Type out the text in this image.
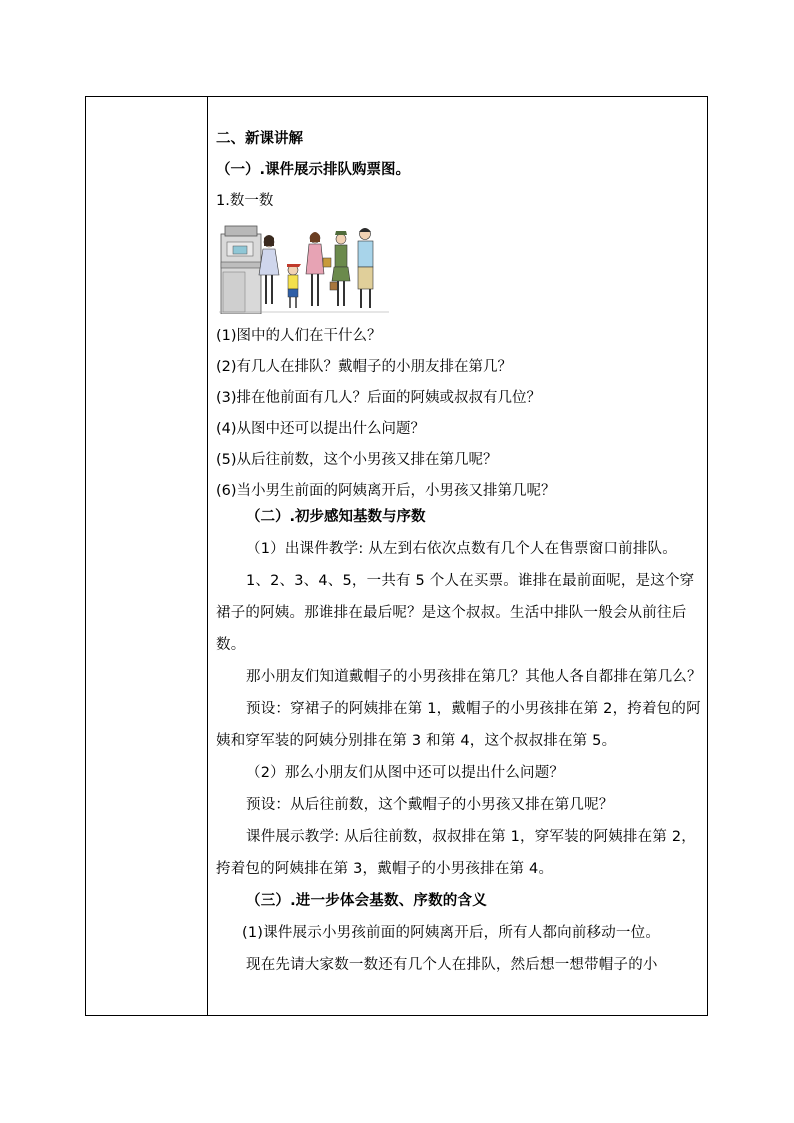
二、新课讲解
（一）.课件展示排队购票图。
1.数一数
(1)图中的人们在干什么？
(2)有几人在排队？戴帽子的小朋友排在第几？
(3)排在他前面有几人？后面的阿姨或叔叔有几位？
(4)从图中还可以提出什么问题？
(5)从后往前数，这个小男孩又排在第几呢？
(6)当小男生前面的阿姨离开后，小男孩又排第几呢？
（二）.初步感知基数与序数

（1）出课件教学: 从左到右依次点数有几个人在售票窗口前排队。

1、2、3、4、5，一共有 5 个人在买票。谁排在最前面呢，是这个穿裙子的阿姨。那谁排在最后呢？是这个叔叔。生活中排队一般会从前往后数。

那小朋友们知道戴帽子的小男孩排在第几？其他人各自都排在第几么？

预设：穿裙子的阿姨排在第 1，戴帽子的小男孩排在第 2，挎着包的阿姨和穿军装的阿姨分别排在第 3 和第 4，这个叔叔排在第 5。

（2）那么小朋友们从图中还可以提出什么问题？

预设：从后往前数，这个戴帽子的小男孩又排在第几呢？

课件展示教学: 从后往前数，叔叔排在第 1，穿军装的阿姨排在第 2，挎着包的阿姨排在第 3，戴帽子的小男孩排在第 4。

（三）.进一步体会基数、序数的含义

(1)课件展示小男孩前面的阿姨离开后，所有人都向前移动一位。

现在先请大家数一数还有几个人在排队，然后想一想带帽子的小
